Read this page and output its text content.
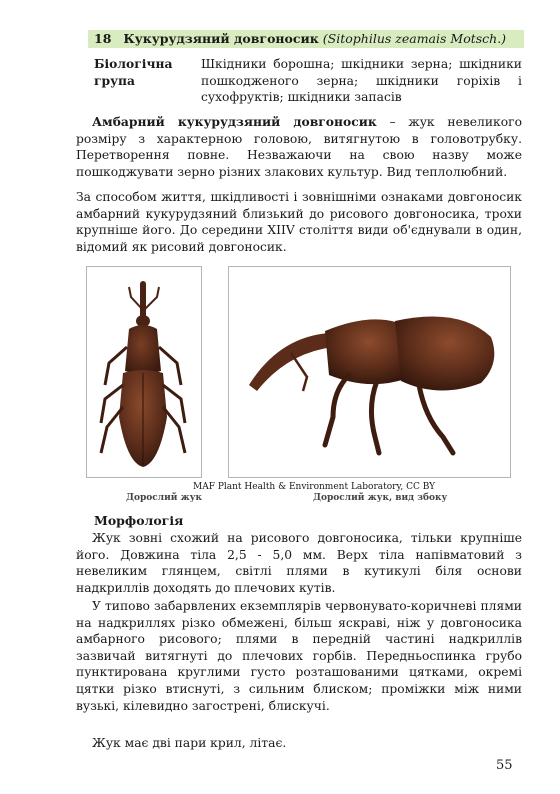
18 Кукурудзяний довгоносик (Sitophilus zeamais Motsch.)
Біологічна група
Шкідники борошна; шкідники зерна; шкідники пошкодженого зерна; шкідники горіхів і сухофруктів; шкідники запасів

Амбарний кукурудзяний довгоносик – жук невеликого розміру з характерною головою, витягнутою в головотрубку. Перетворення повне. Незважаючи на свою назву може пошкоджувати зерно різних злакових культур. Вид теплолюбний.

За способом життя, шкідливості і зовнішніми ознаками довгоносик амбарний кукурудзяний близький до рисового довгоносика, трохи крупніше його. До середини XIIV століття види об'єднували в один, відомий як рисовий довгоносик.

MAF Plant Health & Environment Laboratory, CC BY
Дорослий жук	Дорослий жук, вид збоку
Морфологія

Жук зовні схожий на рисового довгоносика, тільки крупніше його. Довжина тіла 2,5 - 5,0 мм. Верх тіла напівматовий з невеликим глянцем, світлі плями в кутикулі біля основи надкриллів доходять до плечових кутів.

У типово забарвлених екземплярів червонувато-коричневі плями на надкриллях різко обмежені, більш яскраві, ніж у довгоносика амбарного рисового; плями в передній частині надкриллів зазвичай витягнуті до плечових горбів. Передньоспинка грубо пунктирована круглими густо розташованими цятками, окремі цятки різко втиснуті, з сильним блиском; проміжки між ними вузькі, кілевидно загострені, блискучі.

Жук має дві пари крил, літає.

55
